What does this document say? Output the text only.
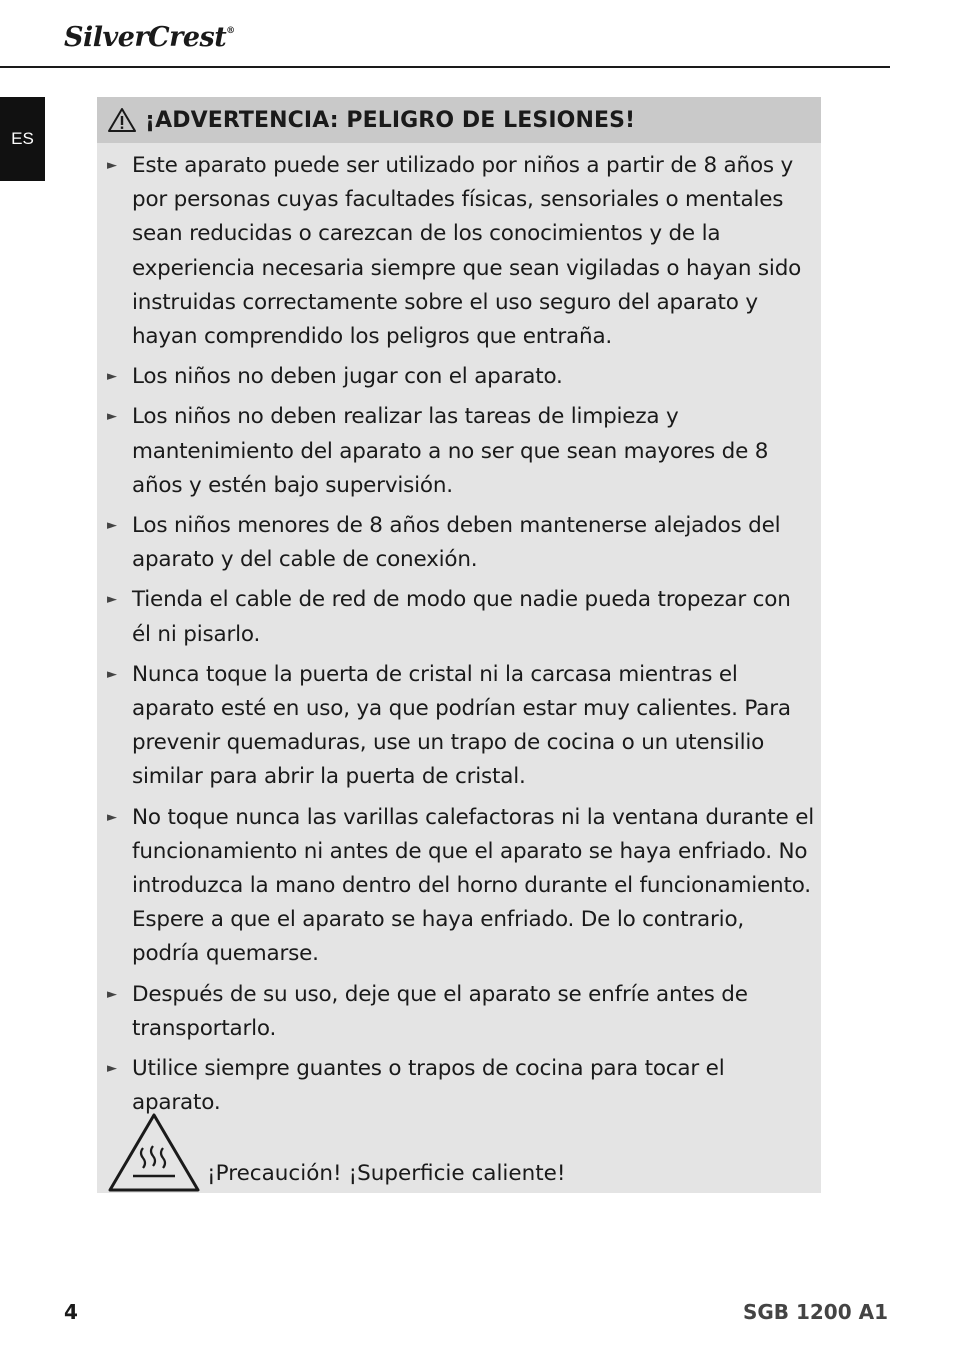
SilverCrest®
ES
¡ADVERTENCIA: PELIGRO DE LESIONES!
► Este aparato puede ser utilizado por niños a partir de 8 años y por personas cuyas facultades físicas, sensoriales o mentales sean reducidas o carezcan de los conocimientos y de la experiencia necesaria siempre que sean vigiladas o hayan sido instruidas correctamente sobre el uso seguro del aparato y hayan comprendido los peligros que entraña.
► Los niños no deben jugar con el aparato.
► Los niños no deben realizar las tareas de limpieza y mantenimiento del aparato a no ser que sean mayores de 8 años y estén bajo supervisión.
► Los niños menores de 8 años deben mantenerse alejados del aparato y del cable de conexión.
► Tienda el cable de red de modo que nadie pueda tropezar con él ni pisarlo.
► Nunca toque la puerta de cristal ni la carcasa mientras el aparato esté en uso, ya que podrían estar muy calientes. Para prevenir quemaduras, use un trapo de cocina o un utensilio similar para abrir la puerta de cristal.
► No toque nunca las varillas calefactoras ni la ventana durante el funcionamiento ni antes de que el aparato se haya enfriado. No introduzca la mano dentro del horno durante el funcionamiento. Espere a que el aparato se haya enfriado. De lo contrario, podría quemarse.
► Después de su uso, deje que el aparato se enfríe antes de transportarlo.
► Utilice siempre guantes o trapos de cocina para tocar el aparato.
¡Precaución! ¡Superficie caliente!
4	SGB 1200 A1
